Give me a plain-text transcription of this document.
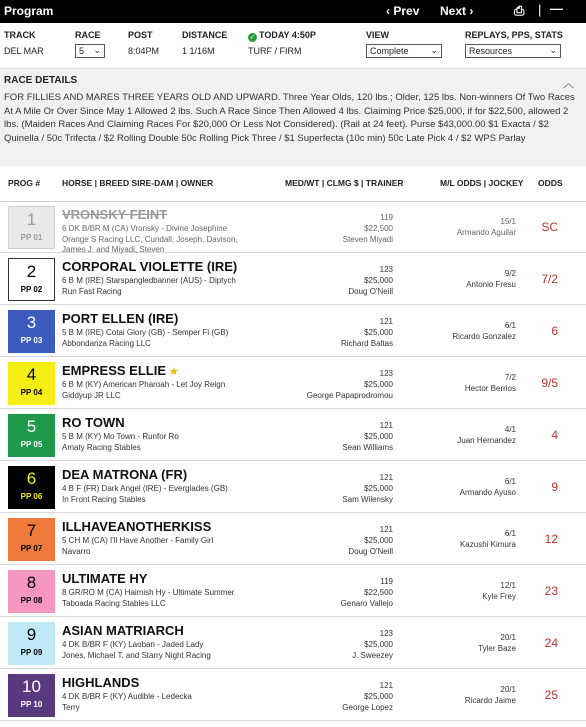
Program	‹ Prev Next ›	⎙ | —
TRACK
DEL MAR
RACE
5 ⌄
POST
8:04PM
DISTANCE
1 1/16M
✓ TODAY 4:50P
TURF / FIRM
VIEW
Complete ⌄
REPLAYS, PPS, STATS
Resources	⌄
RACE DETAILS	︿
FOR FILLIES AND MARES THREE YEARS OLD AND UPWARD. Three Year Olds, 120 lbs.; Older, 125 lbs. Non-winners Of Two Races At A Mile Or Over Since May 1 Allowed 2 lbs. Such A Race Since Then Allowed 4 lbs. Claiming Price $25,000, if for $22,500, allowed 2 lbs. (Maiden Races And Claiming Races For $20,000 Or Less Not Considered). (Rail at 24 feet). Purse $43,000.00 $1 Exacta / $2 Quinella / 50c Trifecta / $2 Rolling Double 50c Rolling Pick Three / $1 Superfecta (10c min) 50c Late Pick 4 / $2 WPS Parlay
PROG #	HORSE | BREED SIRE-DAM | OWNER	MED/WT | CLMG $ | TRAINER	M/L ODDS | JOCKEY ODDS
1
PP 01
VRONSKY FEINT
6 DK B/BR M (CA) Vronsky - Divine Josephine
Orange S Racing LLC, Cundall, Joseph, Davison, James J. and Miyadi, Steven
119
$22,500
Steven Miyadi
15/1
Armando Aguilar SC
2
PP 02
CORPORAL VIOLETTE (IRE)
6 B M (IRE) Starspangledbanner (AUS) - Diptych
Run Fast Racing
123
$25,000
Doug O'Neill
9/2
Antonio Fresu 7/2
3
PP 03
PORT ELLEN (IRE)
5 B M (IRE) Cotai Glory (GB) - Semper Fi (GB)
Abbondanza Racing LLC
121
$25,000
Richard Baltas
6/1
Ricardo Gonzalez	6
4
PP 04
EMPRESS ELLIE ★
6 B M (KY) American Pharoah - Let Joy Reign
Giddyup JR LLC
123
$25,000
George Papaprodromou
7/2
Hector Berrios 9/5
5
PP 05
RO TOWN
5 B M (KY) Mo Town - Runfor Ro
Amaty Racing Stables
121
$25,000
Sean Williams
4/1
Juan Hernandez	4
6
PP 06
DEA MATRONA (FR)
4 B F (FR) Dark Angel (IRE) - Everglades (GB)
In Front Racing Stables
121
$25,000
Sam Wilensky
6/1
Armando Ayuso	9
7
PP 07
ILLHAVEANOTHERKISS
5 CH M (CA) I'll Have Another - Family Girl
Navarro
121
$25,000
Doug O'Neill
6/1
Kazushi Kimura 12
8
PP 08
ULTIMATE HY
8 GR/RO M (CA) Haimish Hy - Ultimate Summer
Taboada Racing Stables LLC
119
$22,500
Genaro Vallejo
12/1
Kyle Frey 23
9
PP 09
ASIAN MATRIARCH
4 DK B/BR F (KY) Laoban - Jaded Lady
Jones, Michael T. and Starry Night Racing
123
$25,000
J. Sweezey
20/1
Tyler Baze 24
10
PP 10
HIGHLANDS
4 DK B/BR F (KY) Audible - Ledecka
Terry
121
$25,000
George Lopez
20/1
Ricardo Jaime 25
